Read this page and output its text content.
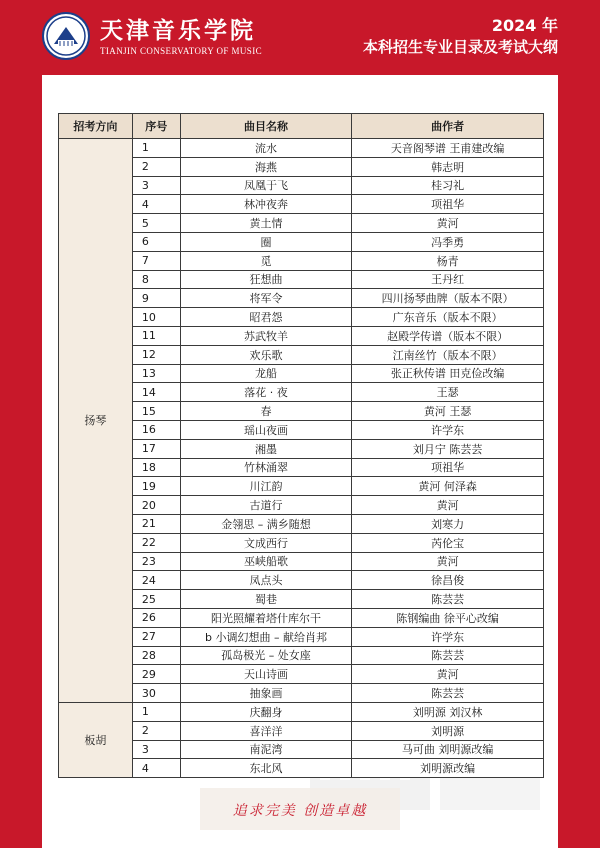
天津音乐学院
TIANJIN CONSERVATORY OF MUSIC
2024 年
本科招生专业目录及考试大纲
招考方向	序号	曲目名称	曲作者
扬琴	1	流水	天音阁琴谱 王甫建改编
	2	海燕	韩志明
	3	凤凰于飞	桂习礼
	4	林冲夜奔	项祖华
	5	黄土情	黄河
	6	圈	冯季勇
	7	觅	杨青
	8	狂想曲	王丹红
	9	将军令	四川扬琴曲牌（版本不限）
	10	昭君怨	广东音乐（版本不限）
	11	苏武牧羊	赵殿学传谱（版本不限）
	12	欢乐歌	江南丝竹（版本不限）
	13	龙船	张正秋传谱 田克俭改编
	14	落花 · 夜	王瑟
	15	春	黄河 王瑟
	16	瑶山夜画	许学东
	17	湘墨	刘月宁 陈芸芸
	18	竹林涌翠	项祖华
	19	川江韵	黄河 何泽森
	20	古道行	黄河
	21	金翎思 – 满乡随想	刘寒力
	22	文成西行	芮伦宝
	23	巫峡船歌	黄河
	24	凤点头	徐昌俊
	25	蜀巷	陈芸芸
	26	阳光照耀着塔什库尔干	陈钢编曲 徐平心改编
	27	b 小调幻想曲 – 献给肖邦	许学东
	28	孤岛极光 – 处女座	陈芸芸
	29	天山诗画	黄河
	30	抽象画	陈芸芸
板胡	1	庆翻身	刘明源 刘汉林
	2	喜洋洋	刘明源
	3	南泥湾	马可曲 刘明源改编
	4	东北风	刘明源改编
追求完美 创造卓越
